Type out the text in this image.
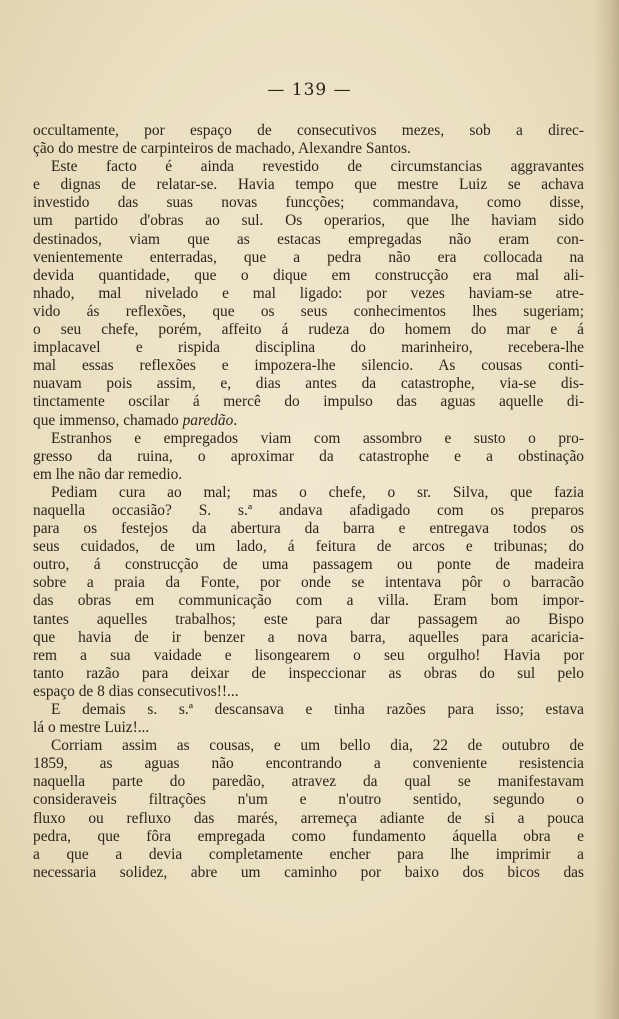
— 139 —
occultamente, por espaço de consecutivos mezes, sob a direc-
ção do mestre de carpinteiros de machado, Alexandre Santos.
Este facto é ainda revestido de circumstancias aggravantes
e dignas de relatar-se. Havia tempo que mestre Luiz se achava
investido das suas novas funcções; commandava, como disse,
um partido d'obras ao sul. Os operarios, que lhe haviam sido
destinados, viam que as estacas empregadas não eram con-
venientemente enterradas, que a pedra não era collocada na
devida quantidade, que o dique em construcção era mal ali-
nhado, mal nivelado e mal ligado: por vezes haviam-se atre-
vido ás reflexões, que os seus conhecimentos lhes sugeriam;
o seu chefe, porém, affeito á rudeza do homem do mar e á
implacavel e rispida disciplina do marinheiro, recebera-lhe
mal essas reflexões e impozera-lhe silencio. As cousas conti-
nuavam pois assim, e, dias antes da catastrophe, via-se dis-
tinctamente oscilar á mercê do impulso das aguas aquelle di-
que immenso, chamado paredão.
Estranhos e empregados viam com assombro e susto o pro-
gresso da ruina, o aproximar da catastrophe e a obstinação
em lhe não dar remedio.
Pediam cura ao mal; mas o chefe, o sr. Silva, que fazia
naquella occasião? S. s.ª andava afadigado com os preparos
para os festejos da abertura da barra e entregava todos os
seus cuidados, de um lado, á feitura de arcos e tribunas; do
outro, á construcção de uma passagem ou ponte de madeira
sobre a praia da Fonte, por onde se intentava pôr o barracão
das obras em communicação com a villa. Eram bom impor-
tantes aquelles trabalhos; este para dar passagem ao Bispo
que havia de ir benzer a nova barra, aquelles para acaricia-
rem a sua vaidade e lisongearem o seu orgulho! Havia por
tanto razão para deixar de inspeccionar as obras do sul pelo
espaço de 8 dias consecutivos!!...
E demais s. s.ª descansava e tinha razões para isso; estava
lá o mestre Luiz!...
Corriam assim as cousas, e um bello dia, 22 de outubro de
1859, as aguas não encontrando a conveniente resistencia
naquella parte do paredão, atravez da qual se manifestavam
consideraveis filtrações n'um e n'outro sentido, segundo o
fluxo ou refluxo das marés, arremeça adiante de si a pouca
pedra, que fôra empregada como fundamento áquella obra e
a que a devia completamente encher para lhe imprimir a
necessaria solidez, abre um caminho por baixo dos bicos das
